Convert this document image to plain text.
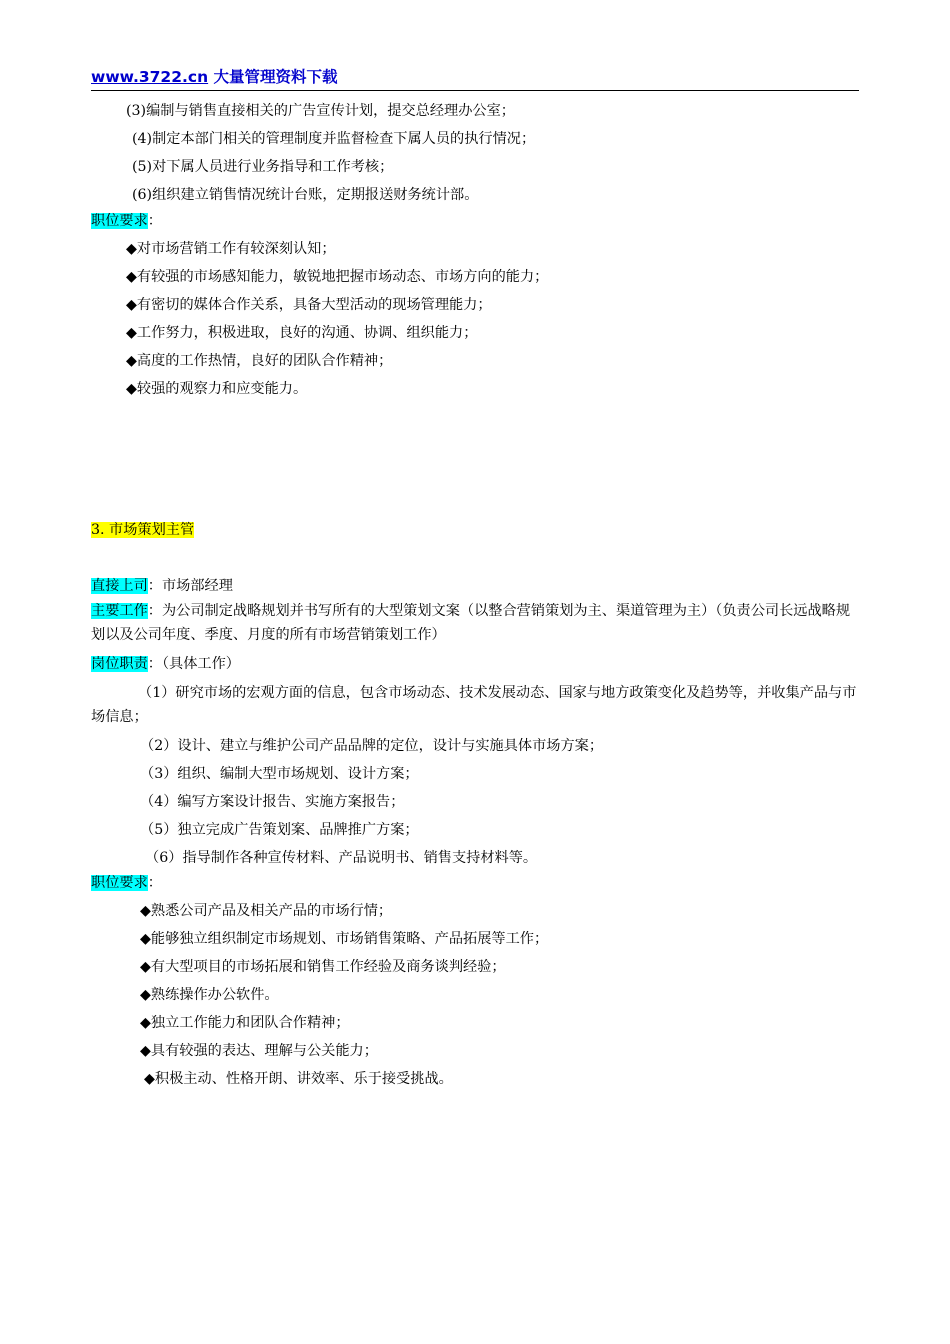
www.3722.cn 大量管理资料下载
(3)编制与销售直接相关的广告宣传计划，提交总经理办公室；
(4)制定本部门相关的管理制度并监督检查下属人员的执行情况；
(5)对下属人员进行业务指导和工作考核；
(6)组织建立销售情况统计台账，定期报送财务统计部。
职位要求：
◆对市场营销工作有较深刻认知；
◆有较强的市场感知能力，敏锐地把握市场动态、市场方向的能力；
◆有密切的媒体合作关系，具备大型活动的现场管理能力；
◆工作努力，积极进取，良好的沟通、协调、组织能力；
◆高度的工作热情，良好的团队合作精神；
◆较强的观察力和应变能力。
3. 市场策划主管
直接上司：市场部经理
主要工作：为公司制定战略规划并书写所有的大型策划文案（以整合营销策划为主、渠道管理为主）（负责公司长远战略规划以及公司年度、季度、月度的所有市场营销策划工作）
岗位职责：（具体工作）
（1）研究市场的宏观方面的信息，包含市场动态、技术发展动态、国家与地方政策变化及趋势等，并收集产品与市场信息；
（2）设计、建立与维护公司产品品牌的定位，设计与实施具体市场方案；
（3）组织、编制大型市场规划、设计方案；
（4）编写方案设计报告、实施方案报告；
（5）独立完成广告策划案、品牌推广方案；
（6）指导制作各种宣传材料、产品说明书、销售支持材料等。
职位要求：
◆熟悉公司产品及相关产品的市场行情；
◆能够独立组织制定市场规划、市场销售策略、产品拓展等工作；
◆有大型项目的市场拓展和销售工作经验及商务谈判经验；
◆熟练操作办公软件。
◆独立工作能力和团队合作精神；
◆具有较强的表达、理解与公关能力；
◆积极主动、性格开朗、讲效率、乐于接受挑战。
